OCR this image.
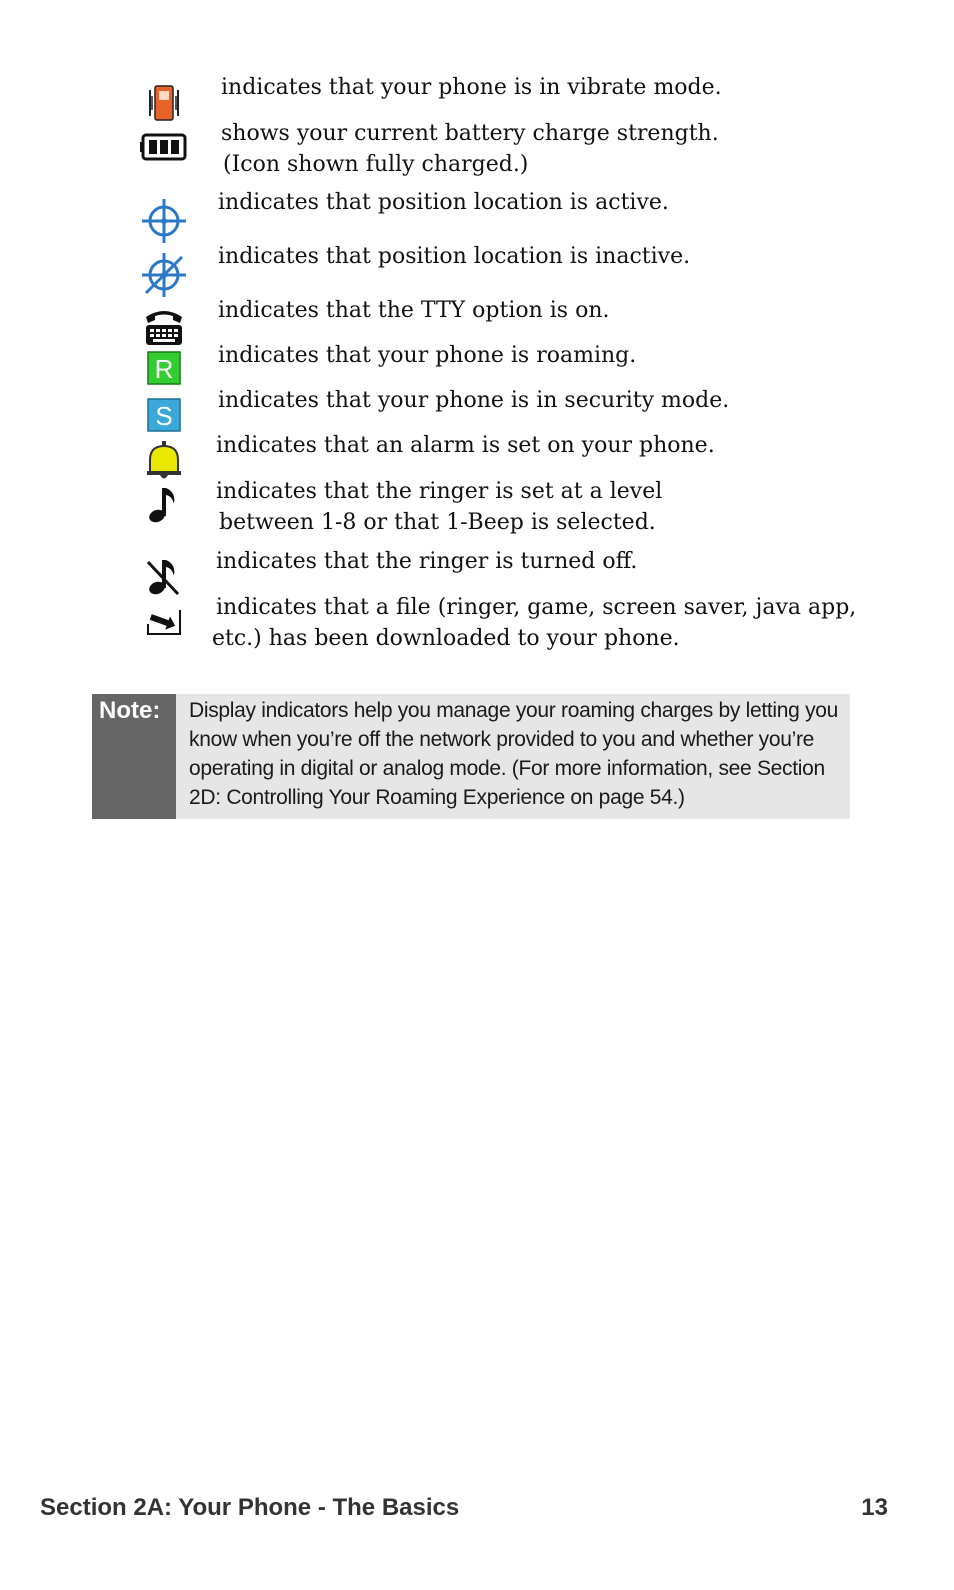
indicates that your phone is in vibrate mode.
shows your current battery charge strength.
(Icon shown fully charged.)
indicates that position location is active.
indicates that position location is inactive.
indicates that the TTY option is on.
R indicates that your phone is roaming.
S
indicates that your phone is in security mode.
indicates that an alarm is set on your phone.
indicates that the ringer is set at a level
between 1-8 or that 1-Beep is selected.
indicates that the ringer is turned off.
indicates that a file (ringer, game, screen saver, java app,
etc.) has been downloaded to your phone.
Note:	Display indicators help you manage your roaming charges by letting you
know when you’re off the network provided to you and whether you’re
operating in digital or analog mode. (For more information, see Section
2D: Controlling Your Roaming Experience on page 54.)
Section 2A: Your Phone - The Basics	13
